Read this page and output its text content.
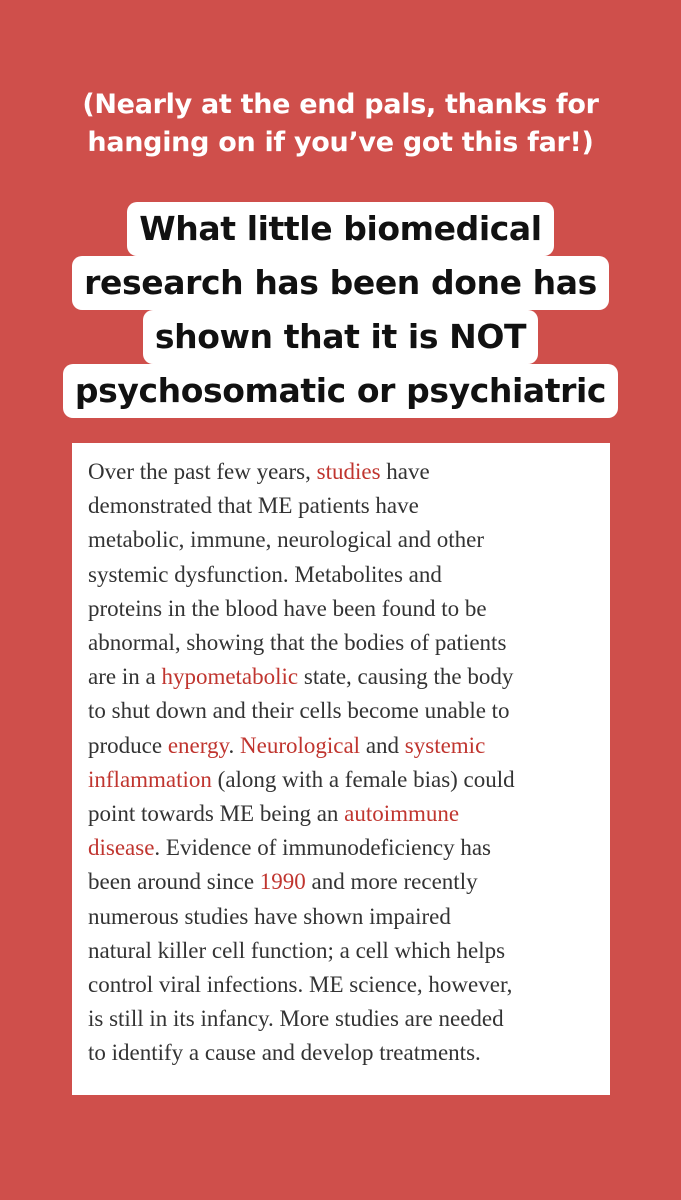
(Nearly at the end pals, thanks for
hanging on if you’ve got this far!)

What little biomedical
research has been done has
shown that it is NOT
psychosomatic or psychiatric
Over the past few years, studies have
demonstrated that ME patients have
metabolic, immune, neurological and other
systemic dysfunction. Metabolites and
proteins in the blood have been found to be
abnormal, showing that the bodies of patients
are in a hypometabolic state, causing the body
to shut down and their cells become unable to
produce energy. Neurological and systemic
inflammation (along with a female bias) could
point towards ME being an autoimmune
disease. Evidence of immunodeficiency has
been around since 1990 and more recently
numerous studies have shown impaired
natural killer cell function; a cell which helps
control viral infections. ME science, however,
is still in its infancy. More studies are needed
to identify a cause and develop treatments.
